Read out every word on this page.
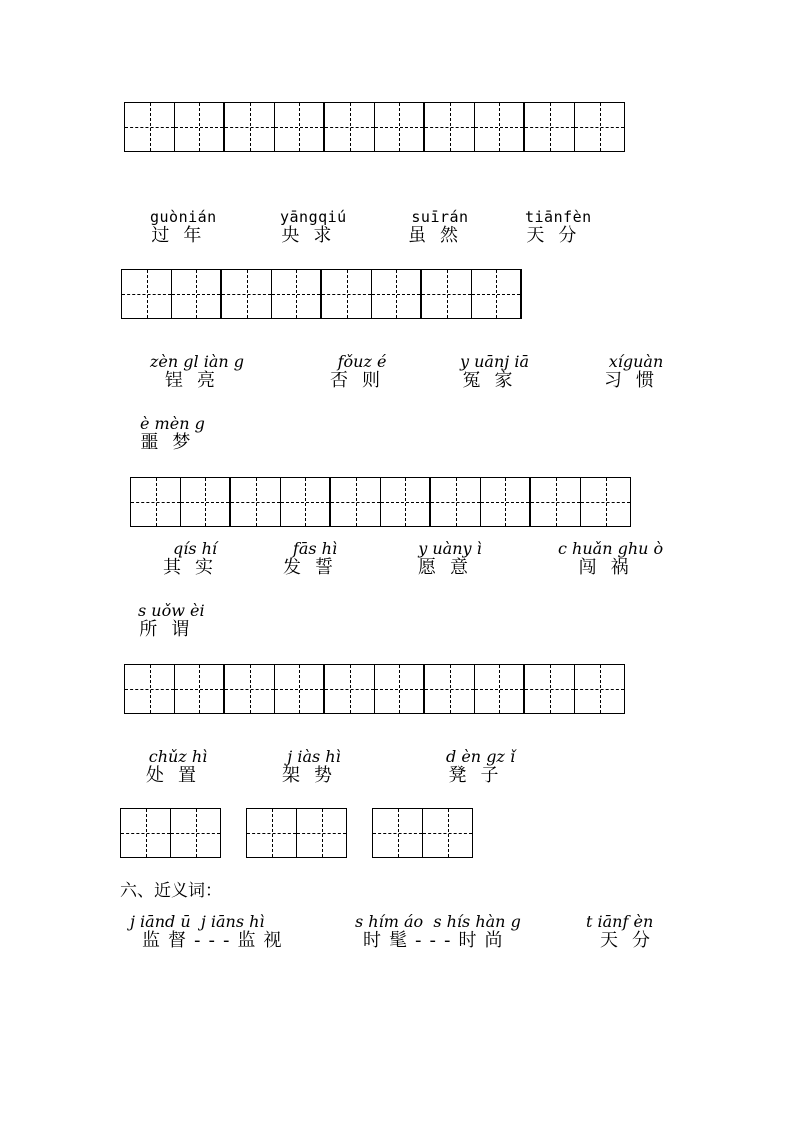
guònián
过年
yāngqiú
央求
suīrán
虽然
tiānfèn
天分
zèn gl iàn g
锃亮
fǒuz é
否则
y uānj iā
冤家
xíguàn
习惯
è mèn g
噩梦
qís hí
其实
fās hì
发誓
y uàny ì
愿意
c huǎn ghu ò
闯祸
s uǒw èi
所谓
chǔz hì
处置
j iàs hì
架势
d èn gz ǐ
凳子
六、近义词：
j iānd ū  j iāns hì
监督---监视
s hím áo  s hís hàn g
时髦---时尚
t iānf èn
天分
